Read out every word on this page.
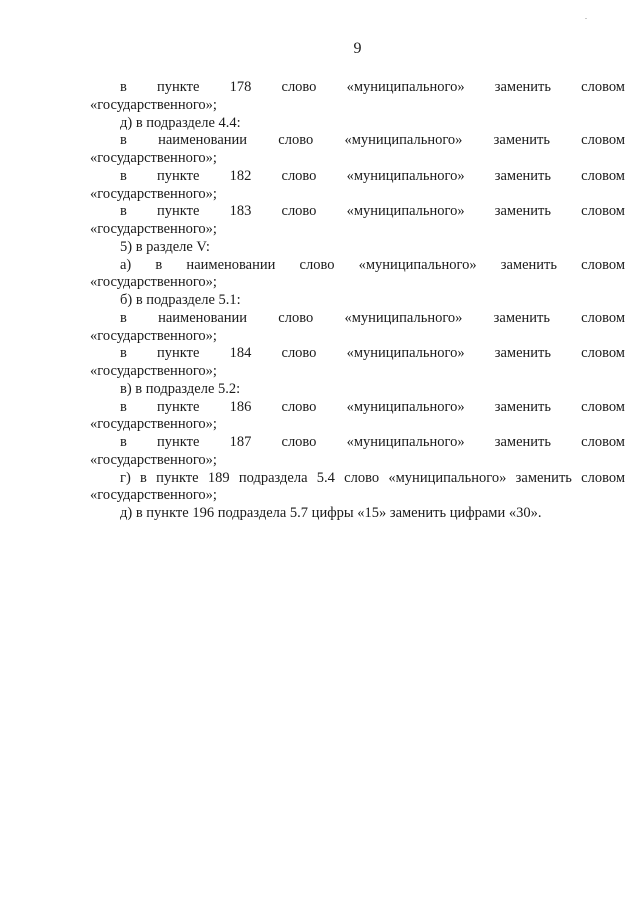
9
в пункте 178 слово «муниципального» заменить словом
«государственного»;
д) в подразделе 4.4:
в наименовании слово «муниципального» заменить словом
«государственного»;
в пункте 182 слово «муниципального» заменить словом
«государственного»;
в пункте 183 слово «муниципального» заменить словом
«государственного»;
5) в разделе V:
а) в наименовании слово «муниципального» заменить словом
«государственного»;
б) в подразделе 5.1:
в наименовании слово «муниципального» заменить словом
«государственного»;
в пункте 184 слово «муниципального» заменить словом
«государственного»;
в) в подразделе 5.2:
в пункте 186 слово «муниципального» заменить словом
«государственного»;
в пункте 187 слово «муниципального» заменить словом
«государственного»;
г) в пункте 189 подраздела 5.4 слово «муниципального» заменить словом
«государственного»;
д) в пункте 196 подраздела 5.7 цифры «15» заменить цифрами «30».
